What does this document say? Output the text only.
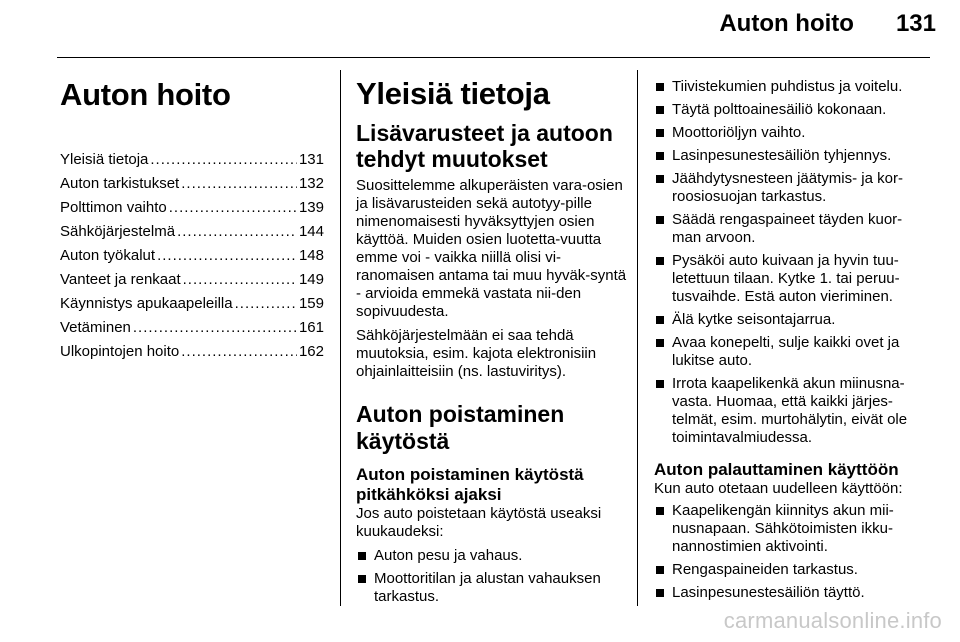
Auton hoito 131
Auton hoito
Yleisiä tietoja .....	131
Auton tarkistukset .....	132
Polttimon vaihto .....	139
Sähköjärjestelmä .....	144
Auton työkalut .....	148
Vanteet ja renkaat .....	149
Käynnistys apukaapeleilla .....	159
Vetäminen .....	161
Ulkopintojen hoito .....	162
Yleisiä tietoja
Lisävarusteet ja autoon tehdyt muutokset

Suosittelemme alkuperäisten vara-osien ja lisävarusteiden sekä autotyy-pille nimenomaisesti hyväksyttyjen osien käyttöä. Muiden osien luotetta-vuutta emme voi - vaikka niillä olisi vi-ranomaisen antama tai muu hyväk-syntä - arvioida emmekä vastata nii-den sopivuudesta.

Sähköjärjestelmään ei saa tehdä muutoksia, esim. kajota elektronisiin ohjainlaitteisiin (ns. lastuviritys).

Auton poistaminen käytöstä
Auton poistaminen käytöstä pitkähköksi ajaksi

Jos auto poistetaan käytöstä useaksi kuukaudeksi:

Auton pesu ja vahaus.
Moottoritilan ja alustan vahauksen tarkastus.
Tiivistekumien puhdistus ja voitelu.
Täytä polttoainesäiliö kokonaan.
Moottoriöljyn vaihto.
Lasinpesunestesäiliön tyhjennys.
Jäähdytysnesteen jäätymis- ja kor-roosiosuojan tarkastus.
Säädä rengaspaineet täyden kuor-man arvoon.
Pysäköi auto kuivaan ja hyvin tuu-letettuun tilaan. Kytke 1. tai peruu-tusvaihde. Estä auton vieriminen.
Älä kytke seisontajarrua.
Avaa konepelti, sulje kaikki ovet ja lukitse auto.
Irrota kaapelikenkä akun miinusna-vasta. Huomaa, että kaikki järjes-telmät, esim. murtohälytin, eivät ole toimintavalmiudessa.
Auton palauttaminen käyttöön

Kun auto otetaan uudelleen käyttöön:

Kaapelikengän kiinnitys akun mii-nusnapaan. Sähkötoimisten ikku-nannostimien aktivointi.
Rengaspaineiden tarkastus.
Lasinpesunestesäiliön täyttö.
carmanualsonline.info
